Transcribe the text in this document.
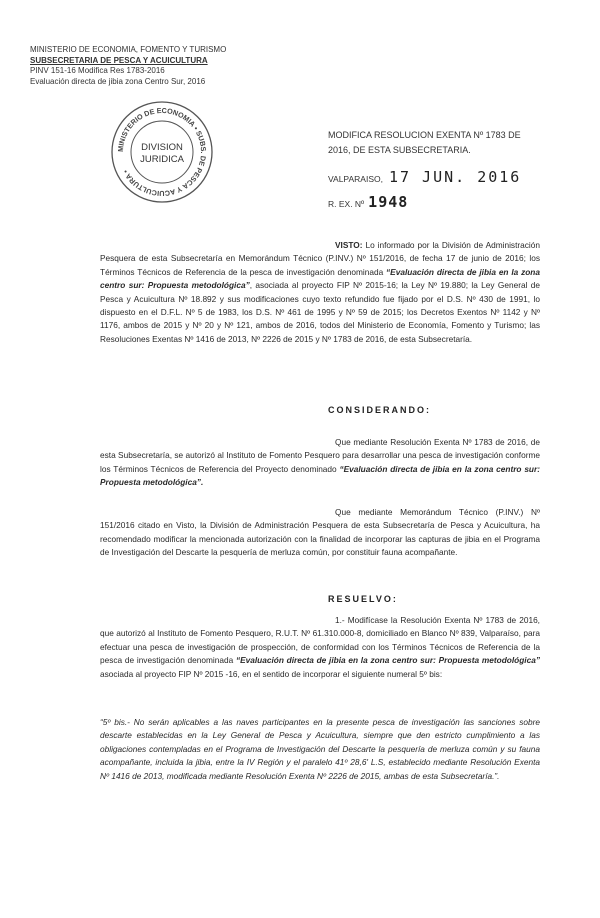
MINISTERIO DE ECONOMIA, FOMENTO Y TURISMO
SUBSECRETARIA DE PESCA Y ACUICULTURA
PINV 151-16 Modifica Res 1783-2016
Evaluación directa de jibia zona Centro Sur, 2016
MINISTERIO DE ECONOMIA • SUBS. DE PESCA Y ACUICULTURA •
DIVISION
JURIDICA
MODIFICA RESOLUCION EXENTA Nº 1783 DE
2016, DE ESTA SUBSECRETARIA.
VALPARAISO, 17 JUN. 2016
R. EX. Nº 1948
VISTO: Lo informado por la División de Administración Pesquera de esta Subsecretaría en Memorándum Técnico (P.INV.) Nº 151/2016, de fecha 17 de junio de 2016; los Términos Técnicos de Referencia de la pesca de investigación denominada “Evaluación directa de jibia en la zona centro sur: Propuesta metodológica”, asociada al proyecto FIP Nº 2015-16; la Ley Nº 19.880; la Ley General de Pesca y Acuicultura Nº 18.892 y sus modificaciones cuyo texto refundido fue fijado por el D.S. Nº 430 de 1991, lo dispuesto en el D.F.L. Nº 5 de 1983, los D.S. Nº 461 de 1995 y Nº 59 de 2015; los Decretos Exentos Nº 1142 y Nº 1176, ambos de 2015 y Nº 20 y Nº 121, ambos de 2016, todos del Ministerio de Economía, Fomento y Turismo; las Resoluciones Exentas Nº 1416 de 2013, Nº 2226 de 2015 y Nº 1783 de 2016, de esta Subsecretaría.
CONSIDERANDO:
Que mediante Resolución Exenta Nº 1783 de 2016, de esta Subsecretaría, se autorizó al Instituto de Fomento Pesquero para desarrollar una pesca de investigación conforme los Términos Técnicos de Referencia del Proyecto denominado “Evaluación directa de jibia en la zona centro sur: Propuesta metodológica”.
Que mediante Memorándum Técnico (P.INV.) Nº 151/2016 citado en Visto, la División de Administración Pesquera de esta Subsecretaría de Pesca y Acuicultura, ha recomendado modificar la mencionada autorización con la finalidad de incorporar las capturas de jibia en el Programa de Investigación del Descarte la pesquería de merluza común, por constituir fauna acompañante.
RESUELVO:
1.- Modifícase la Resolución Exenta Nº 1783 de 2016, que autorizó al Instituto de Fomento Pesquero, R.U.T. Nº 61.310.000-8, domiciliado en Blanco Nº 839, Valparaíso, para efectuar una pesca de investigación de prospección, de conformidad con los Términos Técnicos de Referencia de la pesca de investigación denominada “Evaluación directa de jibia en la zona centro sur: Propuesta metodológica” asociada al proyecto FIP Nº 2015 -16, en el sentido de incorporar el siguiente numeral 5º bis:
“5º bis.- No serán aplicables a las naves participantes en la presente pesca de investigación las sanciones sobre descarte establecidas en la Ley General de Pesca y Acuicultura, siempre que den estricto cumplimiento a las obligaciones contempladas en el Programa de Investigación del Descarte la pesquería de merluza común y su fauna acompañante, incluida la jibia, entre la IV Región y el paralelo 41º 28,6' L.S, establecido mediante Resolución Exenta Nº 1416 de 2013, modificada mediante Resolución Exenta Nº 2226 de 2015, ambas de esta Subsecretaría.”.
